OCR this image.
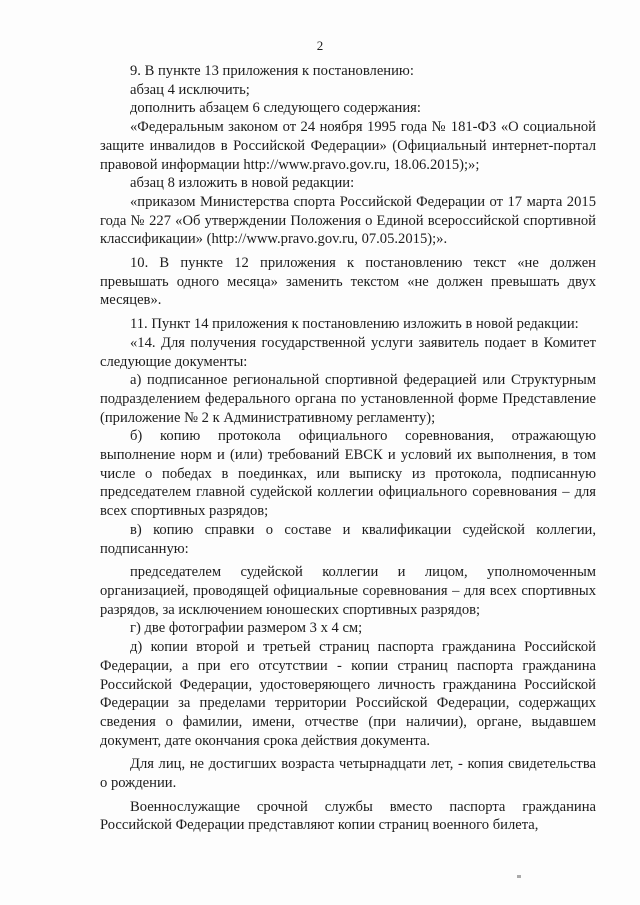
2

9. В пункте 13 приложения к постановлению:

абзац 4 исключить;

дополнить абзацем 6 следующего содержания:

«Федеральным законом от 24 ноября 1995 года № 181-ФЗ «О социальной защите инвалидов в Российской Федерации» (Официальный интернет-портал правовой информации http://www.pravo.gov.ru, 18.06.2015);»;

абзац 8 изложить в новой редакции:

«приказом Министерства спорта Российской Федерации от 17 марта 2015 года № 227 «Об утверждении Положения о Единой всероссийской спортивной классификации» (http://www.pravo.gov.ru, 07.05.2015);».

10. В пункте 12 приложения к постановлению текст «не должен превышать одного месяца» заменить текстом «не должен превышать двух месяцев».

11. Пункт 14 приложения к постановлению изложить в новой редакции:

«14. Для получения государственной услуги заявитель подает в Комитет следующие документы:

а) подписанное региональной спортивной федерацией или Структурным подразделением федерального органа по установленной форме Представление (приложение № 2 к Административному регламенту);

б) копию протокола официального соревнования, отражающую выполнение норм и (или) требований ЕВСК и условий их выполнения, в том числе о победах в поединках, или выписку из протокола, подписанную председателем главной судейской коллегии официального соревнования – для всех спортивных разрядов;

в) копию справки о составе и квалификации судейской коллегии, подписанную:

председателем судейской коллегии и лицом, уполномоченным организацией, проводящей официальные соревнования – для всех спортивных разрядов, за исключением юношеских спортивных разрядов;

г) две фотографии размером 3 х 4 см;

д) копии второй и третьей страниц паспорта гражданина Российской Федерации, а при его отсутствии - копии страниц паспорта гражданина Российской Федерации, удостоверяющего личность гражданина Российской Федерации за пределами территории Российской Федерации, содержащих сведения о фамилии, имени, отчестве (при наличии), органе, выдавшем документ, дате окончания срока действия документа.

Для лиц, не достигших возраста четырнадцати лет, - копия свидетельства о рождении.

Военнослужащие срочной службы вместо паспорта гражданина Российской Федерации представляют копии страниц военного билета,
